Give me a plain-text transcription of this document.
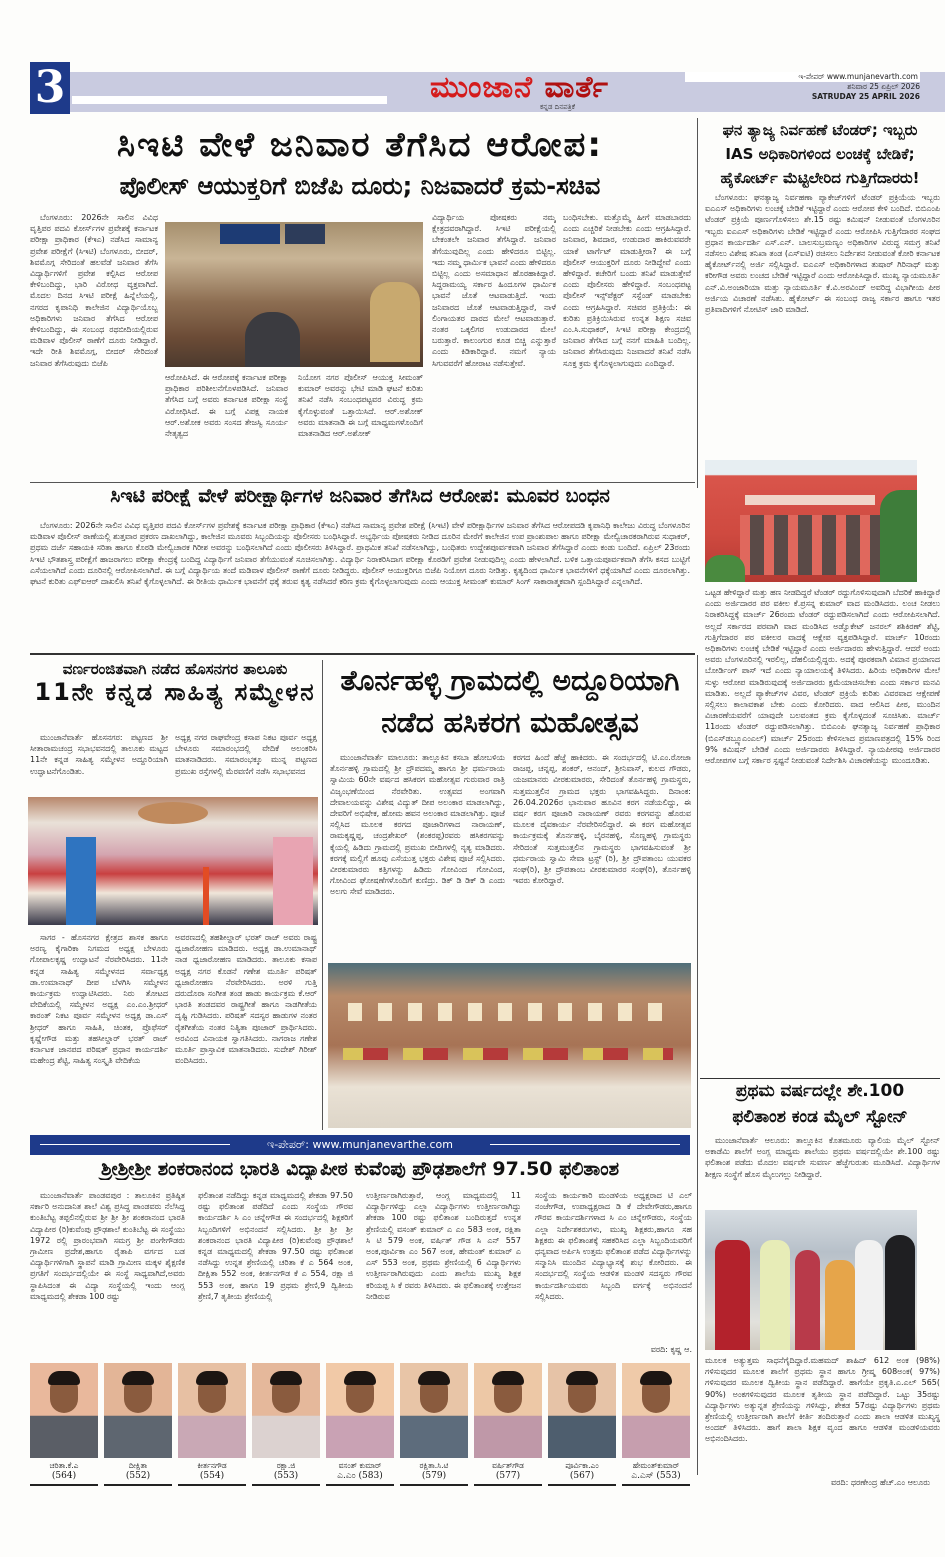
3	ಮುಂಜಾನೆ ವಾರ್ತೆ
ಕನ್ನಡ ದಿನಪತ್ರಿಕೆ
ಇ-ಪೇಪರ್ www.munjanevarth.com
ಶನಿವಾರ 25 ಏಪ್ರಿಲ್ 2026
SATRUDAY 25 APRIL 2026
ಸಿಇಟಿ ವೇಳೆ ಜನಿವಾರ ತೆಗೆಸಿದ ಆರೋಪ:
ಪೊಲೀಸ್ ಆಯುಕ್ತರಿಗೆ ಬಿಜೆಪಿ ದೂರು; ನಿಜವಾದರೆ ಕ್ರಮ-ಸಚಿವ
ಬೆಂಗಳೂರು: 2026ನೇ ಸಾಲಿನ ವಿವಿಧ ವೃತ್ತಿಪರ ಪದವಿ ಕೋರ್ಸ್‌ಗಳ ಪ್ರವೇಶಕ್ಕೆ ಕರ್ನಾಟಕ ಪರೀಕ್ಷಾ ಪ್ರಾಧಿಕಾರ (ಕೆಇಎ) ನಡೆಸಿದ ಸಾಮಾನ್ಯ ಪ್ರವೇಶ ಪರೀಕ್ಷೆಗೆ (ಸಿಇಟಿ) ಬೆಂಗಳೂರು, ಬೀದರ್, ಶಿವಮೊಗ್ಗ ಸೇರಿದಂತೆ ಹಲವೆಡೆ ಜನಿವಾರ ತೆಗೆಸಿ ವಿದ್ಯಾರ್ಥಿಗಳಿಗೆ ಪ್ರವೇಶ ಕಲ್ಪಿಸಿದ ಆರೋಪ ಕೇಳಿಬಂದಿದ್ದು, ಭಾರಿ ವಿರೋಧ ವ್ಯಕ್ತವಾಗಿದೆ. ಮೊದಲ ದಿನದ ಸಿಇಟಿ ಪರೀಕ್ಷೆ ಹಿನ್ನೆಲೆಯಲ್ಲಿ, ನಗರದ ಕೃಪಾನಿಧಿ ಕಾಲೇಜಿನ ವಿದ್ಯಾರ್ಥಿಯೊಬ್ಬ ಅಧಿಕಾರಿಗಳು ಜನಿವಾರ ತೆಗೆಸಿದ ಆರೋಪ ಕೇಳಿಬಂದಿದ್ದು, ಈ ಸಂಬಂಧ ರಥಬೀದಿಯಲ್ಲಿರುವ ಮಡಿವಾಳ ಪೊಲೀಸ್ ಠಾಣೆಗೆ ದೂರು ನೀಡಿದ್ದಾರೆ. ಇದೇ ರೀತಿ ಶಿವಮೊಗ್ಗ, ಬೀದರ್ ಸೇರಿದಂತೆ ಜನಿವಾರ ತೆಗೆಸಿರುವುದು ಬಿಜೆಪಿ
ಆರೋಪಿಸಿದೆ. ಈ ಆರೋಪಕ್ಕೆ ಕರ್ನಾಟಕ ಪರೀಕ್ಷಾ ಪ್ರಾಧಿಕಾರ ಪರಿಶೀಲನೆಗೊಳಪಡಿಸಿದೆ. ಜನಿವಾರ ತೆಗೆಸಿದ ಬಗ್ಗೆ ಅವರು ಕರ್ನಾಟಕ ಪರೀಕ್ಷಾ ಸಂಸ್ಥೆ ವಿರೋಧಿಸಿದೆ. ಈ ಬಗ್ಗೆ ವಿಪಕ್ಷ ನಾಯಕ ಆರ್.ಅಶೋಕ ಅವರು ಸಂಸದ ತೇಜಸ್ವಿ ಸೂರ್ಯ ನೇತೃತ್ವದ
ನಿಯೋಗ ನಗರ ಪೊಲೀಸ್ ಆಯುಕ್ತ ಸೀಮಂತ್ ಕುಮಾರ್ ಅವರನ್ನು ಭೇಟಿ ಮಾಡಿ ಘಟನೆ ಕುರಿತು ತನಿಖೆ ನಡೆಸಿ ಸಂಬಂಧಪಟ್ಟವರ ವಿರುದ್ಧ ಕ್ರಮ ಕೈಗೊಳ್ಳುವಂತೆ ಒತ್ತಾಯಿಸಿದೆ. ಆರ್.ಅಶೋಕ್ ಅವರು ಮಾತನಾಡಿ ಈ ಬಗ್ಗೆ ಮಾಧ್ಯಮಗಳೊಂದಿಗೆ ಮಾತನಾಡಿದ ಆರ್.ಅಶೋಕ್
ವಿದ್ಯಾರ್ಥಿಯ ಪೋಷಕರು ನಮ್ಮ ಕ್ಷೇತ್ರದವರಾಗಿದ್ದಾರೆ. ಸಿಇಟಿ ಪರೀಕ್ಷೆಯಲ್ಲಿ ಬೇಕಂತಲೇ ಜನಿವಾರ ತೆಗೆಸಿದ್ದಾರೆ. ಜನಿವಾರ ತೆಗೆಯುವುದಿಲ್ಲ ಎಂದು ಹೇಳಿದರೂ ಬಿಟ್ಟಿಲ್ಲ. ಇದು ನಮ್ಮ ಧಾರ್ಮಿಕ ಭಾವನೆ ಎಂದು ಹೇಳಿದರೂ ಬಿಟ್ಟಿಲ್ಲ ಎಂದು ಅಸಮಾಧಾನ ಹೊರಹಾಕಿದ್ದಾರೆ. ಸಿದ್ದರಾಮಯ್ಯ ಸರ್ಕಾರ ಹಿಂದೂಗಳ ಧಾರ್ಮಿಕ ಭಾವನೆ ಜೊತೆ ಆಟವಾಡುತ್ತಿದೆ. ಇಂದು ಜನಿವಾರದ ಜೊತೆ ಆಟವಾಡುತ್ತಿದ್ದಾರೆ, ನಾಳೆ ಲಿಂಗಾಯತರ ದಾರದ ಮೇಲೆ ಆಟವಾಡುತ್ತಾರೆ. ನಂತರ ಒಕ್ಕಲಿಗರ ಉಡುದಾರದ ಮೇಲೆ ಬರುತ್ತಾರೆ. ಕಾಲುಂಗುರ ಕೂಡ ಬಿಚ್ಚಿ ಎನ್ನುತ್ತಾರೆ ಎಂದು ಕಿಡಿಕಾರಿದ್ದಾರೆ. ನಮಗೆ ನ್ಯಾಯ ಸಿಗುವವರೆಗೆ ಹೋರಾಟ ನಡೆಸುತ್ತೇವೆ.
ಬಂಧಿಸಬೇಕು. ಮತ್ತೊಮ್ಮೆ ಹೀಗೆ ಮಾಡಬಾರದು ಎಂದು ಎಚ್ಚರಿಕೆ ನೀಡಬೇಕು ಎಂದು ಆಗ್ರಹಿಸಿದ್ದಾರೆ. ಜನಿವಾರ, ಶಿವದಾರ, ಉಡುದಾರ ಹಾಕಿರುವವರೇ ಯಾಕೆ ಟಾರ್ಗೆಟ್ ಮಾಡುತ್ತೀರಾ? ಈ ಬಗ್ಗೆ ಪೊಲೀಸ್ ಆಯುಕ್ತರಿಗೆ ದೂರು ನೀಡಿದ್ದೇವೆ ಎಂದು ಹೇಳಿದ್ದಾರೆ. ಕಚೇರಿಗೆ ಬಂದು ತನಿಖೆ ಮಾಡುತ್ತೇವೆ ಎಂದು ಪೊಲೀಸರು ಹೇಳಿದ್ದಾರೆ. ಸಂಬಂಧಪಟ್ಟ ಪೊಲೀಸ್ ಇನ್ಸ್‌ಪೆಕ್ಟರ್ ಸಸ್ಪೆಂಡ್ ಮಾಡಬೇಕು ಎಂದು ಆಗ್ರಹಿಸಿದ್ದಾರೆ. ಸಚಿವರ ಪ್ರತಿಕ್ರಿಯೆ: ಈ ಕುರಿತು ಪ್ರತಿಕ್ರಿಯಿಸಿರುವ ಉನ್ನತ ಶಿಕ್ಷಣ ಸಚಿವ ಎಂ.ಸಿ.ಸುಧಾಕರ್, ಸಿಇಟಿ ಪರೀಕ್ಷಾ ಕೇಂದ್ರದಲ್ಲಿ ಜನಿವಾರ ತೆಗೆಸಿದ ಬಗ್ಗೆ ನನಗೆ ಮಾಹಿತಿ ಬಂದಿಲ್ಲ. ಜನಿವಾರ ತೆಗೆಸಿರುವುದು ನಿಜವಾದರೆ ತನಿಖೆ ನಡೆಸಿ ಸೂಕ್ತ ಕ್ರಮ ಕೈಗೊಳ್ಳಲಾಗುವುದು ಎಂದಿದ್ದಾರೆ.
ಘನ ತ್ಯಾಜ್ಯ ನಿರ್ವಹಣೆ ಟೆಂಡರ್; ಇಬ್ಬರು
IAS ಅಧಿಕಾರಿಗಳಿಂದ ಲಂಚಕ್ಕೆ ಬೇಡಿಕೆ;
ಹೈಕೋರ್ಟ್ ಮೆಟ್ಟಿಲೇರಿದ ಗುತ್ತಿಗೆದಾರರು!
ಬೆಂಗಳೂರು: ಘನತ್ಯಾಜ್ಯ ನಿರ್ವಹಣಾ ಪ್ಯಾಕೇಜ್‌ಗಳಿಗೆ ಟೆಂಡರ್ ಪ್ರಕ್ರಿಯೆಯ ಇಬ್ಬರು ಐಎಎಸ್ ಅಧಿಕಾರಿಗಳು ಲಂಚಕ್ಕೆ ಬೇಡಿಕೆ ಇಟ್ಟಿದ್ದಾರೆ ಎಂದು ಆರೋಪ ಕೇಳಿ ಬಂದಿದೆ. ಬಿಬಿಎಂಪಿ ಟೆಂಡರ್ ಪ್ರಕ್ರಿಯೆ ಪೂರ್ಣಗೊಳಿಸಲು ಶೇ.15 ರಷ್ಟು ಕಮಿಷನ್ ನೀಡುವಂತೆ ಬೆಂಗಳೂರಿನ ಇಬ್ಬರು ಐಎಎಸ್ ಅಧಿಕಾರಿಗಳು ಬೇಡಿಕೆ ಇಟ್ಟಿದ್ದಾರೆ ಎಂದು ಆರೋಪಿಸಿ ಗುತ್ತಿಗೆದಾರರ ಸಂಘದ ಪ್ರಧಾನ ಕಾರ್ಯದರ್ಶಿ ಎಸ್.ಎನ್. ಬಾಲಸುಬ್ರಮಣ್ಯಂ ಅಧಿಕಾರಿಗಳ ವಿರುದ್ಧ ಸಮಗ್ರ ತನಿಖೆ ನಡೆಸಲು ವಿಶೇಷ ತನಿಖಾ ತಂಡ (ಎಸ್‌ಐಟಿ) ರಚಿಸಲು ನಿರ್ದೇಶನ ನೀಡುವಂತೆ ಕೋರಿ ಕರ್ನಾಟಕ ಹೈಕೋರ್ಟ್‌ನಲ್ಲಿ ಅರ್ಜಿ ಸಲ್ಲಿಸಿದ್ದಾರೆ. ಐಎಎಸ್ ಅಧಿಕಾರಿಗಳಾದ ತುಷಾರ್ ಗಿರಿನಾಥ್ ಮತ್ತು ಕರೀಗೌಡ ಅವರು ಲಂಚದ ಬೇಡಿಕೆ ಇಟ್ಟಿದ್ದಾರೆ ಎಂದು ಆರೋಪಿಸಿದ್ದಾರೆ. ಮುಖ್ಯ ನ್ಯಾಯಮೂರ್ತಿ ಎನ್.ವಿ.ಅಂಜಾರಿಯಾ ಮತ್ತು ನ್ಯಾಯಮೂರ್ತಿ ಕೆ.ವಿ.ಅರವಿಂದ್ ಅವರಿದ್ದ ವಿಭಾಗೀಯ ಪೀಠ ಅರ್ಜಿಯ ವಿಚಾರಣೆ ನಡೆಸಿತು. ಹೈಕೋರ್ಟ್ ಈ ಸಂಬಂಧ ರಾಜ್ಯ ಸರ್ಕಾರ ಹಾಗೂ ಇತರ ಪ್ರತಿವಾದಿಗಳಿಗೆ ನೋಟಿಸ್ ಜಾರಿ ಮಾಡಿದೆ.
ಒಟ್ಟಡ ಹೇಳಿದ್ದಾರೆ ಮತ್ತು ಹಣ ನೀಡದಿದ್ದರೆ ಟೆಂಡರ್ ರದ್ದುಗೊಳಿಸುವುದಾಗಿ ಬೆದರಿಕೆ ಹಾಕಿದ್ದಾರೆ ಎಂದು ಅರ್ಜಿದಾರರ ಪರ ವಕೀಲ ಕೆ.ಪ್ರಸನ್ನ ಕುಮಾರ್ ವಾದ ಮಂಡಿಸಿದರು. ಲಂಚ ನೀಡಲು ನಿರಾಕರಿಸಿದ್ದಕ್ಕೆ ಮಾರ್ಚ್ 26ರಂದು ಟೆಂಡರ್ ರದ್ದುಪಡಿಸಲಾಗಿದೆ ಎಂದು ಆರೋಪಿಸಲಾಗಿದೆ. ಅಲ್ಲದೆ ಸರ್ಕಾರದ ಪರವಾಗಿ ವಾದ ಮಂಡಿಸಿದ ಅಡ್ವೊಕೇಟ್ ಜನರಲ್ ಶಶಿಕಿರಣ್ ಶೆಟ್ಟಿ, ಗುತ್ತಿಗೆದಾರರ ಪರ ವಕೀಲರ ವಾದಕ್ಕೆ ಆಕ್ಷೇಪ ವ್ಯಕ್ತಪಡಿಸಿದ್ದಾರೆ. ಮಾರ್ಚ್ 10ರಂದು ಅಧಿಕಾರಿಗಳು ಲಂಚಕ್ಕೆ ಬೇಡಿಕೆ ಇಟ್ಟಿದ್ದಾರೆ ಎಂದು ಅರ್ಜಿದಾರರು ಹೇಳುತ್ತಿದ್ದಾರೆ. ಆದರೆ ಅಂದು ಅವರು ಬೆಂಗಳೂರಿನಲ್ಲಿ ಇರಲಿಲ್ಲ, ದೆಹಲಿಯಲ್ಲಿದ್ದರು. ಅದಕ್ಕೆ ಪೂರಕವಾಗಿ ವಿಮಾನ ಪ್ರಯಾಣದ ಬೋರ್ಡಿಂಗ್ ಪಾಸ್ ಇದೆ ಎಂದು ನ್ಯಾಯಾಲಯಕ್ಕೆ ತಿಳಿಸಿದರು. ಹಿರಿಯ ಅಧಿಕಾರಿಗಳ ಮೇಲೆ ಸುಳ್ಳು ಆರೋಪ ಮಾಡಿರುವುದಕ್ಕೆ ಅರ್ಜಿದಾರರು ಕ್ಷಮೆಯಾಚಿಸಬೇಕು ಎಂದು ಸರ್ಕಾರ ಮನವಿ ಮಾಡಿತು. ಅಲ್ಲದೆ ಪ್ಯಾಕೇಜ್‌ಗಳ ವಿವರ, ಟೆಂಡರ್ ಪ್ರಕ್ರಿಯೆ ಕುರಿತು ವಿವರವಾದ ಆಕ್ಷೇಪಣೆ ಸಲ್ಲಿಸಲು ಕಾಲಾವಕಾಶ ಬೇಕು ಎಂದು ಕೋರಿದರು. ವಾದ ಆಲಿಸಿದ ಪೀಠ, ಮುಂದಿನ ವಿಚಾರಣೆಯವರೆಗೆ ಯಾವುದೇ ಬಲವಂತದ ಕ್ರಮ ಕೈಗೊಳ್ಳದಂತೆ ಸೂಚಿಸಿತು. ಮಾರ್ಚ್ 11ರಂದು ಟೆಂಡರ್ ರದ್ದುಪಡಿಸಲಾಗಿತ್ತು. ಬಿಬಿಎಂಪಿ ಘನತ್ಯಾಜ್ಯ ನಿರ್ವಹಣೆ ಪ್ರಾಧಿಕಾರ (ಬಿಎಸ್‌ಡಬ್ಲ್ಯೂಎಂಎಲ್) ಮಾರ್ಚ್ 25ರಂದು ಕೇಳಿಸಲಾದ ಪ್ರಮಾಣಪತ್ರದಲ್ಲಿ 15% ರಿಂದ 9% ಕಮಿಷನ್ ಬೇಡಿಕೆ ಎಂದು ಅರ್ಜಿದಾರರು ತಿಳಿಸಿದ್ದಾರೆ. ನ್ಯಾಯಪೀಠವು ಅರ್ಜಿದಾರರ ಆರೋಪಗಳ ಬಗ್ಗೆ ಸರ್ಕಾರ ಸ್ಪಷ್ಟನೆ ನೀಡುವಂತೆ ನಿರ್ದೇಶಿಸಿ ವಿಚಾರಣೆಯನ್ನು ಮುಂದೂಡಿತು.
ಸಿಇಟಿ ಪರೀಕ್ಷೆ ವೇಳೆ ಪರೀಕ್ಷಾರ್ಥಿಗಳ ಜನಿವಾರ ತೆಗೆಸಿದ ಆರೋಪ: ಮೂವರ ಬಂಧನ
ಬೆಂಗಳೂರು: 2026ನೇ ಸಾಲಿನ ವಿವಿಧ ವೃತ್ತಿಪರ ಪದವಿ ಕೋರ್ಸ್‌ಗಳ ಪ್ರವೇಶಕ್ಕೆ ಕರ್ನಾಟಕ ಪರೀಕ್ಷಾ ಪ್ರಾಧಿಕಾರ (ಕೆಇಎ) ನಡೆಸಿದ ಸಾಮಾನ್ಯ ಪ್ರವೇಶ ಪರೀಕ್ಷೆ (ಸಿಇಟಿ) ವೇಳೆ ಪರೀಕ್ಷಾರ್ಥಿಗಳ ಜನಿವಾರ ತೆಗೆಸಿದ ಆರೋಪದಡಿ ಕೃಪಾನಿಧಿ ಕಾಲೇಜು ವಿರುದ್ಧ ಬೆಂಗಳೂರಿನ ಮಡಿವಾಳ ಪೊಲೀಸ್ ಠಾಣೆಯಲ್ಲಿ ಶುತ್ತವಾರ ಪ್ರಕರಣ ದಾಖಲಾಗಿದ್ದು, ಕಾಲೇಜಿನ ಮೂವರು ಸಿಬ್ಬಂದಿಯನ್ನು ಪೊಲೀಸರು ಬಂಧಿಸಿದ್ದಾರೆ. ಅಭ್ಯರ್ಥಿಯ ಪೋಷಕರು ನೀಡಿದ ದೂರಿನ ಮೇರೆಗೆ ಕಾಲೇಜಿನ ಉಪ ಪ್ರಾಂಶುಪಾಲ ಹಾಗೂ ಪರೀಕ್ಷಾ ಮೇಲ್ವಿಚಾರಕರಾಗಿರುವ ಸುಧಾಕರ್, ಪ್ರಥಮ ದರ್ಜೆ ಸಹಾಯಕಿ ಸರಿತಾ ಹಾಗೂ ಕೊಠಡಿ ಮೇಲ್ವಿಚಾರಕ ಗಿರೀಶ ಅವರನ್ನು ಬಂಧಿಸಲಾಗಿದೆ ಎಂದು ಪೊಲೀಸರು ತಿಳಿಸಿದ್ದಾರೆ. ಪ್ರಾಥಮಿಕ ತನಿಖೆ ನಡೆಸಲಾಗಿದ್ದು, ಬಂಧಿತರು ಉದ್ದೇಶಪೂರ್ವಕವಾಗಿ ಜನಿವಾರ ತೆಗೆಸಿದ್ದಾರೆ ಎಂದು ಕಂಡು ಬಂದಿದೆ. ಏಪ್ರಿಲ್ 23ರಂದು ಸಿಇಟಿ ಭೌತಶಾಸ್ತ್ರ ಪರೀಕ್ಷೆಗೆ ಹಾಜರಾಗಲು ಪರೀಕ್ಷಾ ಕೇಂದ್ರಕ್ಕೆ ಬಂದಿದ್ದ ವಿದ್ಯಾರ್ಥಿಗೆ ಜನಿವಾರ ತೆಗೆಯುವಂತೆ ಸೂಚಿಸಲಾಗಿತ್ತು. ವಿದ್ಯಾರ್ಥಿ ನಿರಾಕರಿಸಿದಾಗ ಪರೀಕ್ಷಾ ಕೊಠಡಿಗೆ ಪ್ರವೇಶ ನೀಡುವುದಿಲ್ಲ ಎಂದು ಹೇಳಲಾಗಿದೆ. ಬಳಿಕ ಒತ್ತಾಯಪೂರ್ವಕವಾಗಿ ತೆಗೆಸಿ ಕಸದ ಬುಟ್ಟಿಗೆ ಎಸೆಯಲಾಗಿದೆ ಎಂದು ದೂರಿನಲ್ಲಿ ಆರೋಪಿಸಲಾಗಿದೆ. ಈ ಬಗ್ಗೆ ವಿದ್ಯಾರ್ಥಿಯ ತಂದೆ ಮಡಿವಾಳ ಪೊಲೀಸ್ ಠಾಣೆಗೆ ದೂರು ನೀಡಿದ್ದರು. ಪೊಲೀಸ್ ಆಯುಕ್ತರಿಗೂ ಬಿಜೆಪಿ ನಿಯೋಗ ದೂರು ನೀಡಿತ್ತು. ಕೃತ್ಯದಿಂದ ಧಾರ್ಮಿಕ ಭಾವನೆಗಳಿಗೆ ಧಕ್ಕೆಯಾಗಿದೆ ಎಂದು ದೂರಲಾಗಿತ್ತು. ಘಟನೆ ಕುರಿತು ಎಫ್‌ಐಆರ್ ದಾಖಲಿಸಿ ತನಿಖೆ ಕೈಗೊಳ್ಳಲಾಗಿದೆ. ಈ ರೀತಿಯ ಧಾರ್ಮಿಕ ಭಾವನೆಗೆ ಧಕ್ಕೆ ತರುವ ಕೃತ್ಯ ನಡೆಸಿದರೆ ಕಠಿಣ ಕ್ರಮ ಕೈಗೊಳ್ಳಲಾಗುವುದು ಎಂದು ಆಯುಕ್ತ ಸೀಮಂತ್ ಕುಮಾರ್ ಸಿಂಗ್ ಸಾಕಾರಾತ್ಮಕವಾಗಿ ಸ್ಪಂದಿಸಿದ್ದಾರೆ ಎನ್ನಲಾಗಿದೆ.
ವರ್ಣರಂಜಿತವಾಗಿ ನಡೆದ ಹೊಸನಗರ ತಾಲೂಕು
11ನೇ ಕನ್ನಡ ಸಾಹಿತ್ಯ ಸಮ್ಮೇಳನ
ಮುಂಜಾನೆವಾರ್ತೆ ಹೊಸನಗರ: ಪಟ್ಟಣದ ಶ್ರೀ ಸೀತಾರಾಮಚಂದ್ರ ಸಭಾಭವನದಲ್ಲಿ ತಾಲೂಕು ಮಟ್ಟದ 11ನೇ ಕನ್ನಡ ಸಾಹಿತ್ಯ ಸಮ್ಮೇಳನ ಅದ್ದೂರಿಯಾಗಿ ಉದ್ಘಾಟನೆಗೊಂಡಿತು.
ಅಧ್ಯಕ್ಷ ನಗರ ರಾಘವೇಂದ್ರ ಕಸಾಪ ನಿಕಟ ಪೂರ್ವ ಅಧ್ಯಕ್ಷ ಬೇಳೂರು ಸಮಾರಂಭದಲ್ಲಿ ವೇದಿಕೆ ಅಲಂಕರಿಸಿ ಮಾತನಾಡಿದರು. ಸಮಾರಂಭಕ್ಕೂ ಮುನ್ನ ಪಟ್ಟಣದ ಪ್ರಮುಖ ರಸ್ತೆಗಳಲ್ಲಿ ಮೆರವಣಿಗೆ ನಡೆಸಿ ಸಭಾಭವನದ
ಸಾಗರ - ಹೊಸನಗರ ಕ್ಷೇತ್ರದ ಶಾಸಕ ಹಾಗೂ ಅರಣ್ಯ ಕೈಗಾರಿಕಾ ನಿಗಮದ ಅಧ್ಯಕ್ಷ ಬೇಳೂರು ಗೋಪಾಲಕೃಷ್ಣ ಉದ್ಘಾಟನೆ ನೆರವೇರಿಸಿದರು. 11ನೇ ಕನ್ನಡ ಸಾಹಿತ್ಯ ಸಮ್ಮೇಳನದ ಸರ್ವಾಧ್ಯಕ್ಷ ಡಾ.ಉಮಾನಾಥ್ ದೀಪ ಬೆಳಗಿಸಿ ಸಮ್ಮೇಳನ ಕಾರ್ಯಕ್ರಮ ಉದ್ಘಾಟಿಸಿದರು. ನಿರು ತೋಟದ ವೇದಿಕೆಯಲ್ಲಿ ಸಮ್ಮೇಳನ ಅಧ್ಯಕ್ಷ ಎಂ.ಎಂ.ಶ್ರೀಧರ್ ಕಾರಂತ್ ನಿಕಟ ಪೂರ್ವ ಸಮ್ಮೇಳನ ಅಧ್ಯಕ್ಷ ಡಾ.ಎಸ್ ಶ್ರೀಧರ್ ಹಾಗೂ ಸಾಹಿತಿ, ಚಿಂತಕ, ಪ್ರೊಫೆಸರ್ ಕೃಷ್ಣೇಗೌಡ ಮತ್ತು ತಹಸೀಲ್ದಾರ್ ಭರತ್ ರಾಜ್ ಕರ್ನಾಟಕ ಜಾನಪದ ಪರಿಷತ್ ಪ್ರಧಾನ ಕಾರ್ಯದರ್ಶಿ ಮಹೇಂದ್ರ ಶೆಟ್ಟಿ, ಸಾಹಿತ್ಯ ಸಂಸ್ಕೃತಿ ವೇದಿಕೆಯ
ಅವರಣದಲ್ಲಿ ತಹಶೀಲ್ದಾರ್ ಭರತ್ ರಾಜ್ ಅವರು ರಾಷ್ಟ್ರ ಧ್ವಜಾರೋಹಣ ಮಾಡಿದರು. ಅಧ್ಯಕ್ಷ ಡಾ.ಉಮಾನಾಥ್ ನಾಡ ಧ್ವಜಾರೋಹಣ ಮಾಡಿದರು. ತಾಲೂಕು ಕಸಾಪ ಅಧ್ಯಕ್ಷ ನಗರ ಕೊಡನೆ ಗಣೇಶ ಮೂರ್ತಿ ಪರಿಷತ್ ಧ್ವಜಾರೋಹಣ ನೆರವೇರಿಸಿದರು. ಅರಳಿ ಗುತ್ತಿ ದರುದೊರಾ ಸಂಗೀತ ತಂಡ ಹಾಡು ಕಾರ್ಯಕ್ರಮ ಕೆ.ಆರ್ ಭಾರತಿ ತಂಡದವರ ರಾಷ್ಟ್ರಗೀತೆ ಹಾಗೂ ನಾಡಗೀತೆಯ ದೃಷ್ಟಿ ಗುಡಿಸಿದರು. ಪರಿಷತ್ ಸದಸ್ಯರ ಹಾಡುಗಳ ನಂತರ ರೈತಗೀತೆಯ ನಂತರ ನಿತ್ಯಿತಾ ಪೂಜಾರ್ ಪ್ರಾರ್ಥಿಸಿದರು. ಅರವಿಂದ ವಿನಾಯಕ ಸ್ವಾಗತಿಸಿದರು. ನಾಗರಾಜ ಗಣೇಶ ಮೂರ್ತಿ ಪ್ರಾಸ್ತಾವಿಕ ಮಾತನಾಡಿದರು. ಸುದೇಶ್ ಗಿರೀಶ್ ವಂದಿಸಿದರು.
ತೊರ್ನಹಳ್ಳಿ ಗ್ರಾಮದಲ್ಲಿ ಅದ್ದೂರಿಯಾಗಿ
ನಡೆದ ಹಸಿಕರಗ ಮಹೋತ್ಸವ
ಮುಂಜಾನೆವಾರ್ತೆ ಮಾಲೂರು: ತಾಲ್ಲೂಕಿನ ಕಸಬಾ ಹೋಬಳಿಯ ತೊರ್ನಹಳ್ಳಿ ಗ್ರಾಮದಲ್ಲಿ ಶ್ರೀ ದ್ರೌಪದಮ್ಮ ಹಾಗೂ ಶ್ರೀ ಧರ್ಮರಾಯ ಸ್ವಾಮಿಯ 60ನೇ ವರ್ಷದ ಹಸಿಕರಗ ಮಹೋತ್ಸವ ಗುರುವಾರ ರಾತ್ರಿ ವಿಜೃಂಭಣೆಯಿಂದ ನೆರವೇರಿತು. ಉತ್ಸವದ ಅಂಗವಾಗಿ ದೇವಾಲಯವನ್ನು ವಿಶೇಷ ವಿದ್ಯುತ್ ದೀಪ ಅಲಂಕಾರ ಮಾಡಲಾಗಿದ್ದು, ದೇವರಿಗೆ ಅಭಿಷೇಕ, ಹೋಮ ಹವನ ಅಲಂಕಾರ ಮಾಡಲಾಗಿತ್ತು. ಪೂಜೆ ಸಲ್ಲಿಸಿದ ಮೂಲಕ ಕರಗದ ಪೂಜಾರಿಗಳಾದ ನಾರಾಯಣ್, ರಾಮಕೃಷ್ಣಪ್ಪ, ಚಂದ್ರಶೇಖರ್ (ಶಂಕರಪ್ಪ)ರವರು ಹಸಿಕರಗವನ್ನು ಕೈಯಲ್ಲಿ ಹಿಡಿದು ಗ್ರಾಮದಲ್ಲಿ ಪ್ರಮುಖ ಬೀದಿಗಳಲ್ಲಿ ನೃತ್ಯ ಮಾಡಿದರು. ಕರಗಕ್ಕೆ ಮಲ್ಲಿಗೆ ಹೂವು ಎಸೆಯುತ್ತ ಭಕ್ತರು ವಿಶೇಷ ಪೂಜೆ ಸಲ್ಲಿಸಿದರು. ವೀರಕುಮಾರರು ಕತ್ತಿಗಳನ್ನು ಹಿಡಿದು ಗೋವಿಂದ ಗೋವಿಂದ, ಗೋವಿಂದ ಘೋಷಣೆಗಳೊಂದಿಗೆ ಕುಣಿದ್ರು. ಡಿಕ್ ಡಿ ಡಿಕ್ ಡಿ ಎಂದು ಅಲಗು ಸೇವೆ ಮಾಡಿದರು.
ಕರಗದ ಹಿಂದೆ ಹೆಜ್ಜೆ ಹಾಕಿದರು. ಈ ಸಂದರ್ಭದಲ್ಲಿ ಟಿ.ಎಂ.ರೋಜಾ ರಾಜಪ್ಪ, ಚನ್ನಪ್ಪ, ಶಂಕರ್, ಆನಂದ್, ಶ್ರೀನಿವಾಸ್, ಕುಲದ ಗೌಡರು, ಯಜಮಾನರು ವೀರಕುಮಾರರು, ಸೇರಿದಂತೆ ತೊರ್ನಹಳ್ಳಿ ಗ್ರಾಮಸ್ಥರು, ಸುತ್ತಮುತ್ತಲಿನ ಗ್ರಾಮದ ಭಕ್ತರು ಭಾಗವಹಿಸಿದ್ದರು. ದಿನಾಂಕ: 26.04.2026ರ ಭಾನುವಾರ ಹೂವಿನ ಕರಗ ನಡೆಯಲಿದ್ದು, ಈ ವರ್ಷ ಕರಗ ಪೂಜಾರಿ ನಾರಾಯಣ್ ರವರು ಕರಗವನ್ನು ಹೊರುವ ಮೂಲಕ ದೈವಕಾರ್ಯ ನೆರವೇರಿಸಲಿದ್ದಾರೆ. ಈ ಕರಗ ಮಹೋತ್ಸವ ಕಾರ್ಯಕ್ರಮಕ್ಕೆ ತೊರ್ನಹಳ್ಳಿ, ಬೈರನಹಳ್ಳಿ, ಸೊಣ್ಣಹಳ್ಳಿ ಗ್ರಾಮಸ್ಥರು ಸೇರಿದಂತೆ ಸುತ್ತಮುತ್ತಲಿನ ಗ್ರಾಮಸ್ಥರು ಭಾಗವಹಿಸುವಂತೆ ಶ್ರೀ ಧರ್ಮರಾಯ ಸ್ವಾಮಿ ಸೇವಾ ಟ್ರಸ್ಟ್ (ರಿ), ಶ್ರೀ ದ್ರೌಪತಾಂಬ ಯುವಕರ ಸಂಘ(ರಿ), ಶ್ರೀ ದ್ರೌಪತಾಂಬ ವೀರಕುಮಾರರ ಸಂಘ(ರಿ), ತೊರ್ನಹಳ್ಳಿ ಇವರು ಕೋರಿದ್ದಾರೆ.
ಇ-ಪೇಪರ್: www.munjanevarthe.com
ಶ್ರೀಶ್ರೀಶ್ರೀ ಶಂಕರಾನಂದ ಭಾರತಿ ವಿದ್ಯಾಪೀಠ ಕುವೆಂಪು ಪ್ರೌಢಶಾಲೆಗೆ 97.50 ಫಲಿತಾಂಶ
ಮುಂಜಾನೆವಾರ್ತೆ ಪಾಂಡವಪುರ : ತಾಲೂಕಿನ ಪ್ರತಿಷ್ಠಿತ ಸರ್ಕಾರಿ ಅನುದಾನಿತ ಶಾಲೆ ವಿಶ್ವ ಪ್ರಸಿದ್ಧ ಪಾಂಡವರು ನೆಲೆಸಿದ್ದ ಕುಂತಿಬೆಟ್ಟ ತಪ್ಪಲಿನಲ್ಲಿರುವ ಶ್ರೀ ಶ್ರೀ ಶ್ರೀ ಶಂಕರಾನಂದ ಭಾರತಿ ವಿದ್ಯಾಪೀಠ (ರಿ)ಕುವೆಂಪು ಪ್ರೌಢಶಾಲೆ ಕುಂತಿಬೆಟ್ಟ ಈ ಸಂಸ್ಥೆಯು 1972 ರಲ್ಲಿ ಪ್ರಾರಂಭವಾಗಿ ಸಮಗ್ರ ಶ್ರೀ ಪಂಗೇಗೌಡರು ಗ್ರಾಮೀಣ ಪ್ರದೇಶ,ಹಾಗೂ ರೈತಾಪಿ ವರ್ಗದ ಬಡ ವಿದ್ಯಾರ್ಥಿಗಳಿಗಾಗಿ ಸ್ಥಾಪನೆ ಮಾಡಿ ಗ್ರಾಮೀಣ ಮಕ್ಕಳ ಶೈಕ್ಷಣಿಕ ಪ್ರಗತಿಗೆ ಸಂದರ್ಭದಲ್ಲಿಯೇ ಈ ಸಂಸ್ಥೆ ಸಾಧ್ಯವಾಗಿದೆ,ಅವರು ಸ್ಥಾಪಿಸಿದಂತ ಈ ವಿದ್ಯಾ ಸಂಸ್ಥೆಯಲ್ಲಿ ಇಂದು ಆಂಗ್ಲ ಮಾಧ್ಯಮದಲ್ಲಿ ಶೇಕಡಾ 100 ರಷ್ಟು
ಫಲಿತಾಂಶ ನಡೆದಿದ್ದು ಕನ್ನಡ ಮಾಧ್ಯಮದಲ್ಲಿ ಶೇಕಡಾ 97.50 ರಷ್ಟು ಫಲಿತಾಂಶ ಪಡೆದಿದೆ ಎಂದು ಸಂಸ್ಥೆಯ ಗೌರವ ಕಾರ್ಯದರ್ಶಿ ಸಿ ಎಂ ಚನ್ನೇಗೌಡ ಈ ಸಂದರ್ಭದಲ್ಲಿ ಶಿಕ್ಷಕರಿಗೆ ಸಿಬ್ಬಂದಿಗಳಿಗೆ ಅಭಿನಂದನೆ ಸಲ್ಲಿಸಿದರು. ಶ್ರೀ ಶ್ರೀ ಶ್ರೀ ಶಂಕರಾನಂದ ಭಾರತಿ ವಿದ್ಯಾಪೀಠ (ರಿ)ಕುವೆಂಪು ಪ್ರೌಢಶಾಲೆ ಕನ್ನಡ ಮಾಧ್ಯಮದಲ್ಲಿ ಶೇಕಡಾ 97.50 ರಷ್ಟು ಫಲಿತಾಂಶ ನಡೆಸಿದ್ದು ಉನ್ನತ ಶ್ರೇಣಿಯಲ್ಲಿ ಚರಿತಾ ಕೆ ಎ 564 ಅಂಕ, ದೀಕ್ಷಿತಾ 552 ಅಂಕ, ಕೀರ್ತನಗೌಡ ಕೆ ಎ 554, ರಕ್ಷಾ ಜಿ 553 ಅಂಕ, ಹಾಗೂ 19 ಪ್ರಥಮ ಶ್ರೇಣಿ,9 ದ್ವಿತೀಯ ಶ್ರೇಣಿ,7 ತೃತೀಯ ಶ್ರೇಣಿಯಲ್ಲಿ
ಉತ್ತೀರ್ಣರಾಗಿರುತ್ತಾರೆ, ಆಂಗ್ಲ ಮಾಧ್ಯಮದಲ್ಲಿ 11 ವಿದ್ಯಾರ್ಥಿಗಳಿದ್ದು ಎಲ್ಲಾ ವಿದ್ಯಾರ್ಥಿಗಳು ಉತ್ತೀರ್ಣರಾಗಿದ್ದು ಶೇಕಡಾ 100 ರಷ್ಟು ಫಲಿತಾಂಶ ಬಂದಿರುತ್ತದೆ ಉನ್ನತ ಶ್ರೇಣಿಯಲ್ಲಿ ವಸಂತ್ ಕುಮಾರ್ ಎ ಎಂ 583 ಅಂಕ, ರಕ್ಷಿತಾ ಸಿ ಟಿ 579 ಅಂಕ, ವರ್ಷಿತ್ ಗೌಡ ಸಿ ಎನ್ 557 ಅಂಕ,ಪೂರ್ವಿಕಾ ಎಂ 567 ಅಂಕ, ಹೇಮಂತ್ ಕುಮಾರ್ ಎ ಎಸ್ 553 ಅಂಕ, ಪ್ರಥಮ ಶ್ರೇಣಿಯಲ್ಲಿ 6 ವಿದ್ಯಾರ್ಥಿಗಳು ಉತ್ತೀರ್ಣರಾಗಿರುವುದು ಎಂದು ಶಾಲೆಯ ಮುಖ್ಯ ಶಿಕ್ಷಕ ಕರಿಯಪ್ಪ ಸಿ ಕೆ ರವರು ತಿಳಿಸಿದರು. ಈ ಫಲಿತಾಂಶಕ್ಕೆ ಉತ್ತೇಜನ ನೀಡಿರುವ
ಸಂಸ್ಥೆಯ ಕಾರ್ಯಕಾರಿ ಮಂಡಳಿಯ ಅಧ್ಯಕ್ಷರಾದ ಟಿ ಎಲ್ ನಂಜೇಗೌಡ, ಉಪಾಧ್ಯಕ್ಷರಾದ ಡಿ ಕೆ ದೇವೇಗೌಡರು,ಹಾಗೂ ಗೌರವ ಕಾರ್ಯದರ್ಶಿಗಳಾದ ಸಿ ಎಂ ಚನ್ನೇಗೌಡರು, ಸಂಸ್ಥೆಯ ಎಲ್ಲಾ ನಿರ್ದೇಶಕರುಗಳು, ಮುಖ್ಯ ಶಿಕ್ಷಕರು,ಹಾಗೂ ಸಹ ಶಿಕ್ಷಕರು ಈ ಫಲಿತಾಂಶಕ್ಕೆ ಸಹಕರಿಸಿದ ಎಲ್ಲಾ ಸಿಬ್ಬಂದಿಯವರಿಗೆ ಧನ್ಯವಾದ ಅರ್ಪಿಸಿ ಉತ್ತಮ ಫಲಿತಾಂಶ ಪಡೆದ ವಿದ್ಯಾರ್ಥಿಗಳನ್ನು ಸನ್ಮಾನಿಸಿ ಮುಂದಿನ ವಿದ್ಯಾಭ್ಯಾಸಕ್ಕೆ ಶುಭ ಕೋರಿದರು. ಈ ಸಂದರ್ಭದಲ್ಲಿ ಸಂಸ್ಥೆಯ ಆಡಳಿತ ಮಂಡಳಿ ಸದಸ್ಯರು ಗೌರವ ಕಾರ್ಯದರ್ಶಿಯವರು ಸಿಬ್ಬಂದಿ ವರ್ಗಕ್ಕೆ ಅಭಿನಂದನೆ ಸಲ್ಲಿಸಿದರು.
ವರದಿ: ಕೃಷ್ಣ ಆ.
ಚರಿತಾ.ಕೆ.ಎ
(564)
ದೀಕ್ಷಿತಾ
(552)
ಕೀರ್ತನಗೌಡ
(554)
ರಕ್ಷಾ.ಜಿ
(553)
ವಸಂತ್ ಕುಮಾರ್
ಎ.ಎಂ (583)
ರಕ್ಷಿತಾ.ಸಿ.ಟಿ
(579)
ವರ್ಷಿತ್‌ಗೌಡ
(577)
ಪೂರ್ವಿಕಾ.ಎಂ
(567)
ಹೇಮಂತ್‌ಕುಮಾರ್
ಎ.ಎಸ್ (553)
ಪ್ರಥಮ ವರ್ಷದಲ್ಲೇ ಶೇ.100
ಫಲಿತಾಂಶ ಕಂಡ ಮೈಲ್ ಸ್ಟೋನ್
ಮುಂಜಾನೆವಾರ್ತೆ ಆಲೂರು: ತಾಲ್ಲೂಕಿನ ಕೊತಮೂರು ವ್ಯಾಲಿಯ ಮೈಲ್ ಸ್ಟೋನ್ ಅಕಾಡೆಮಿ ಶಾಲೆಗೆ ಅಂಗ್ಲ ಮಾಧ್ಯಮ ಶಾಲೆಯು ಪ್ರಥಮ ವರ್ಷದಲ್ಲಿಯೇ ಶೇ.100 ರಷ್ಟು ಫಲಿತಾಂಶ ಪಡೆದು ಮೊದಲ ವರ್ಷವೇ ಸುವರ್ಣ ಹೆಜ್ಜೆಗುರುತು ಮೂಡಿಸಿದೆ. ವಿದ್ಯಾರ್ಥಿಗಳ ಶೀಕ್ಷಣ ಸಂಸ್ಥೆಗೆ ಹೊಸ ಮೈಲುಗಲ್ಲು ನೀಡಿದ್ದಾರೆ.
ಮೂಲಕ ಅತ್ಯುತ್ತಮ ಸಾಧನೆಗೈದಿದ್ದಾರೆ.ಮಹಮದ್ ಶಾಹಿದ್ 612 ಅಂಕ (98%) ಗಳಿಸುವುದರ ಮೂಲಕ ಶಾಲೆಗೆ ಪ್ರಥಮ ಸ್ಥಾನ ಹಾಗೂ ಗ್ರೀಷ್ಮ 608ಅಂಕ( 97%) ಗಳಿಸುವುದರ ಮೂಲಕ ದ್ವಿತೀಯ ಸ್ಥಾನ ಪಡೆದಿದ್ದಾರೆ. ಹಾಗೆಯೇ ಪ್ರಕೃತಿ.ಎ.ಎಲ್ 565( 90%) ಅಂಕಗಳಿಸುವುದರ ಮೂಲಕ ತೃತೀಯ ಸ್ಥಾನ ಪಡೆದಿದ್ದಾರೆ. ಒಟ್ಟು 35ರಷ್ಟು ವಿದ್ಯಾರ್ಥಿಗಳು ಅತ್ಯುನ್ನತ ಶ್ರೇಣಿಯನ್ನು ಗಳಿಸಿದ್ದು, ಶೇಕಡ 57ರಷ್ಟು ವಿದ್ಯಾರ್ಥಿಗಳು ಪ್ರಥಮ ಶ್ರೇಣಿಯಲ್ಲಿ ಉತ್ತೀರ್ಣರಾಗಿ ಶಾಲೆಗೆ ಕೀರ್ತಿ ತಂದಿರುತ್ತಾರೆ ಎಂದು ಶಾಲಾ ಆಡಳಿತ ಮುಖ್ಯಸ್ಥ ಅಂದಪ್ ತಿಳಿಸಿದರು. ಹಾಗೆ ಶಾಲಾ ಶಿಕ್ಷಕ ವೃಂದ ಹಾಗೂ ಆಡಳಿತ ಮಂಡಳಿಯವರು ಅಭಿನಂದಿಸಿದರು.
ವರದಿ: ಧರಣೇಂದ್ರ ಹೆಚ್.ಎಂ ಆಲೂರು
